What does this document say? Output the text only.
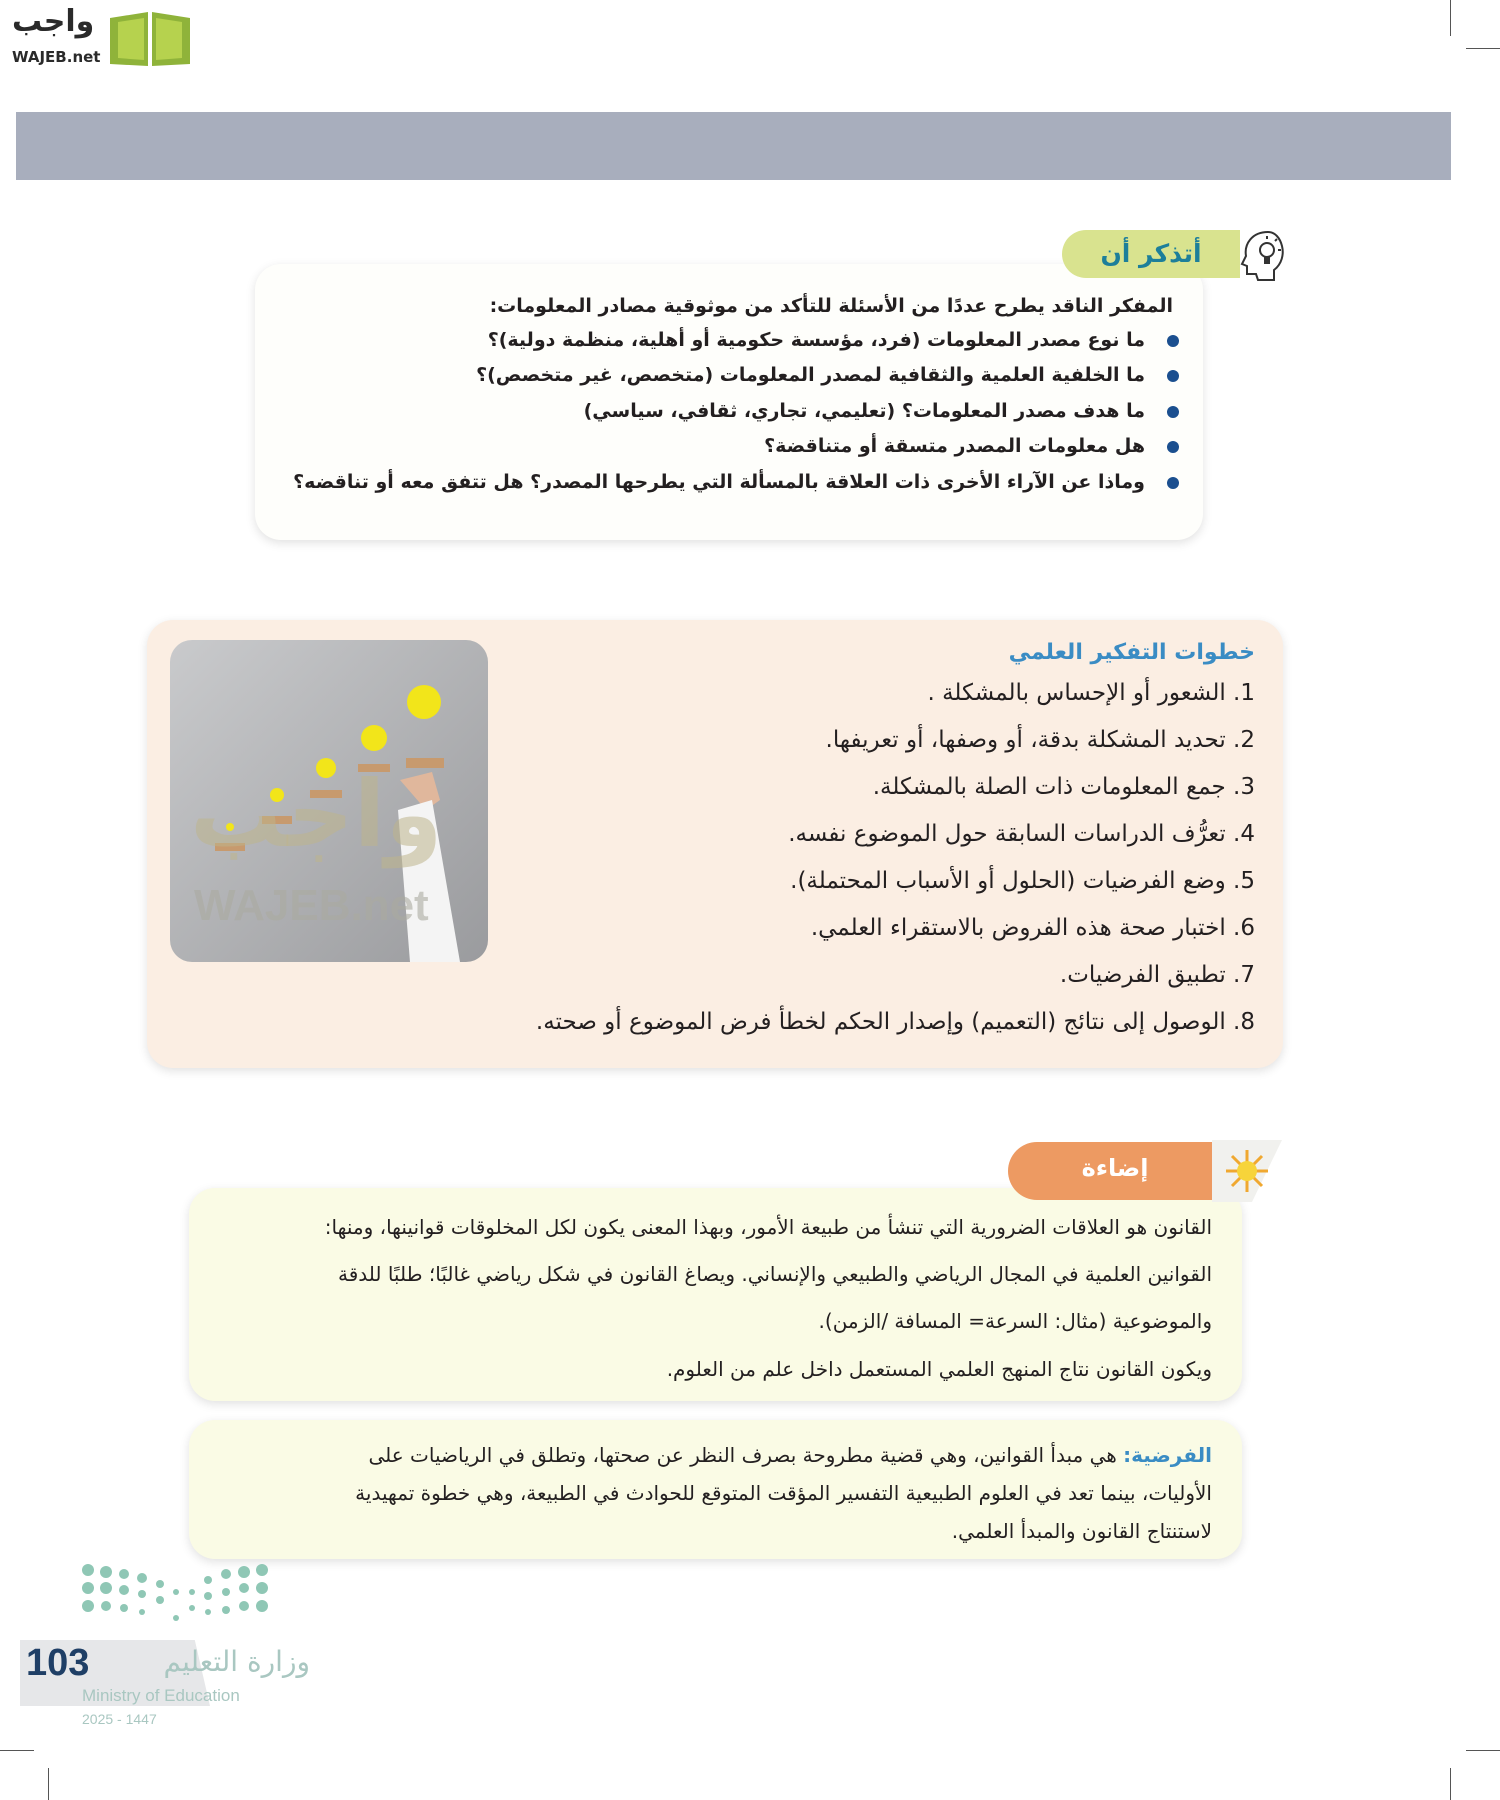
واجب
WAJEB.net
المفكر الناقد يطرح عددًا من الأسئلة للتأكد من موثوقية مصادر المعلومات:
ما نوع مصدر المعلومات (فرد، مؤسسة حكومية أو أهلية، منظمة دولية)؟
ما الخلفية العلمية والثقافية لمصدر المعلومات (متخصص، غير متخصص)؟
ما هدف مصدر المعلومات؟ (تعليمي، تجاري، ثقافي، سياسي)
هل معلومات المصدر متسقة أو متناقضة؟
وماذا عن الآراء الأخرى ذات العلاقة بالمسألة التي يطرحها المصدر؟ هل تتفق معه أو تناقضه؟
أتذكر أن
خطوات التفكير العلمي
1. الشعور أو الإحساس بالمشكلة .
2. تحديد المشكلة بدقة، أو وصفها، أو تعريفها.
3. جمع المعلومات ذات الصلة بالمشكلة.
4. تعرُّف الدراسات السابقة حول الموضوع نفسه.
5. وضع الفرضيات (الحلول أو الأسباب المحتملة).
6. اختبار صحة هذه الفروض بالاستقراء العلمي.
7. تطبيق الفرضيات.
8. الوصول إلى نتائج (التعميم) وإصدار الحكم لخطأ فرض الموضوع أو صحته.
واجب
WAJEB.net
القانون هو العلاقات الضرورية التي تنشأ من طبيعة الأمور، وبهذا المعنى يكون لكل المخلوقات قوانينها، ومنها:
القوانين العلمية في المجال الرياضي والطبيعي والإنساني. ويصاغ القانون في شكل رياضي غالبًا؛ طلبًا للدقة
والموضوعية (مثال: السرعة= المسافة /الزمن).
ويكون القانون نتاج المنهج العلمي المستعمل داخل علم من العلوم.
إضاءة
الفرضية: هي مبدأ القوانين، وهي قضية مطروحة بصرف النظر عن صحتها، وتطلق في الرياضيات على
الأوليات، بينما تعد في العلوم الطبيعية التفسير المؤقت المتوقع للحوادث في الطبيعة، وهي خطوة تمهيدية
لاستنتاج القانون والمبدأ العلمي.
103	وزارة التعليم
Ministry of Education
2025 - 1447
